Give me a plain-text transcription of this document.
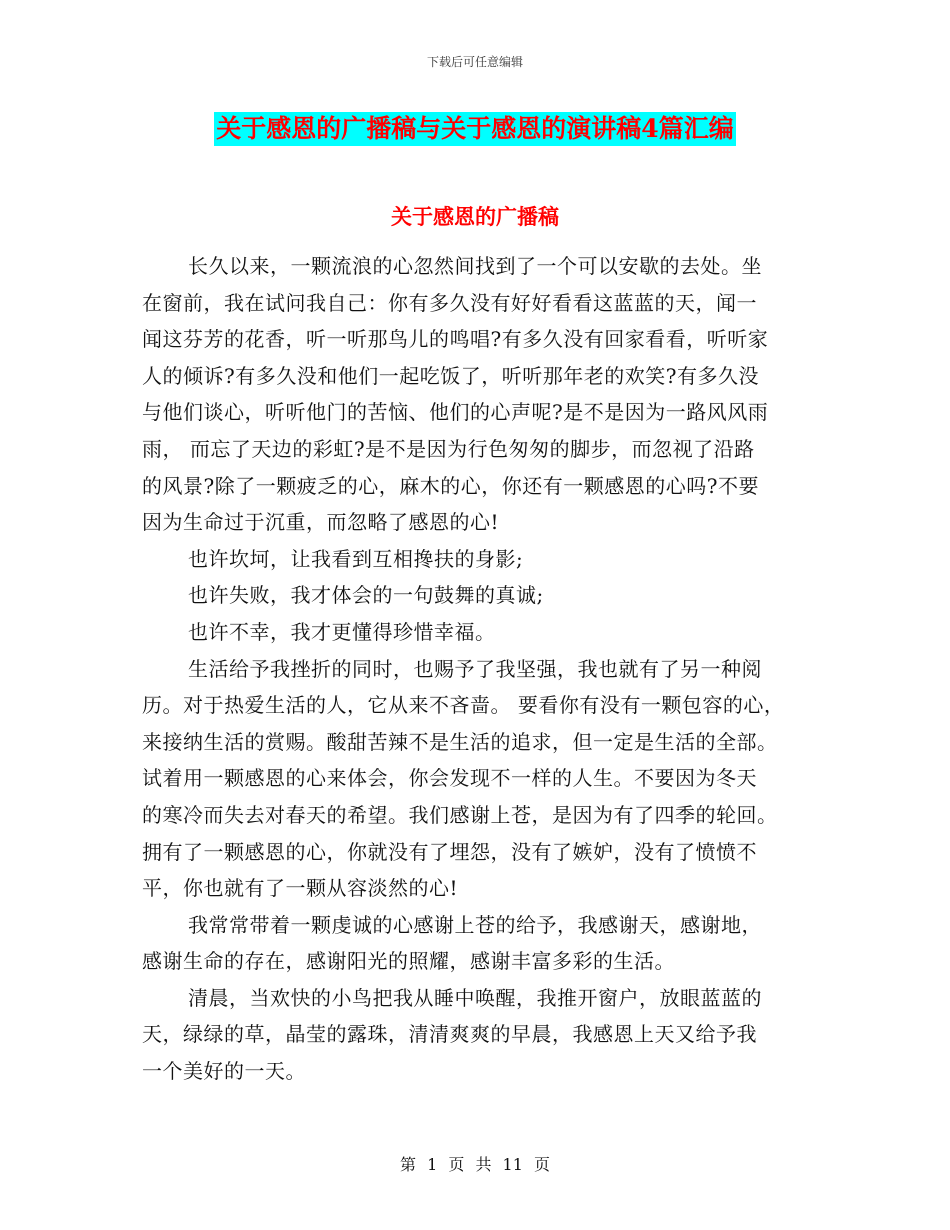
下载后可任意编辑
关于感恩的广播稿与关于感恩的演讲稿4篇汇编
关于感恩的广播稿
长久以来，一颗流浪的心忽然间找到了一个可以安歇的去处。坐
在窗前，我在试问我自己：你有多久没有好好看看这蓝蓝的天，闻一
闻这芬芳的花香，听一听那鸟儿的鸣唱?有多久没有回家看看，听听家
人的倾诉?有多久没和他们一起吃饭了，听听那年老的欢笑?有多久没
与他们谈心，听听他门的苦恼、他们的心声呢?是不是因为一路风风雨
雨， 而忘了天边的彩虹?是不是因为行色匆匆的脚步，而忽视了沿路
的风景?除了一颗疲乏的心，麻木的心，你还有一颗感恩的心吗?不要
因为生命过于沉重，而忽略了感恩的心!
也许坎坷，让我看到互相搀扶的身影;
也许失败，我才体会的一句鼓舞的真诚;
也许不幸，我才更懂得珍惜幸福。
生活给予我挫折的同时，也赐予了我坚强，我也就有了另一种阅
历。对于热爱生活的人，它从来不吝啬。 要看你有没有一颗包容的心，
来接纳生活的赏赐。酸甜苦辣不是生活的追求，但一定是生活的全部。
试着用一颗感恩的心来体会，你会发现不一样的人生。不要因为冬天
的寒冷而失去对春天的希望。我们感谢上苍，是因为有了四季的轮回。
拥有了一颗感恩的心，你就没有了埋怨，没有了嫉妒，没有了愤愤不
平，你也就有了一颗从容淡然的心!
我常常带着一颗虔诚的心感谢上苍的给予，我感谢天，感谢地，
感谢生命的存在，感谢阳光的照耀，感谢丰富多彩的生活。
清晨，当欢快的小鸟把我从睡中唤醒，我推开窗户，放眼蓝蓝的
天，绿绿的草，晶莹的露珠，清清爽爽的早晨，我感恩上天又给予我
一个美好的一天。
第 1 页 共 11 页
